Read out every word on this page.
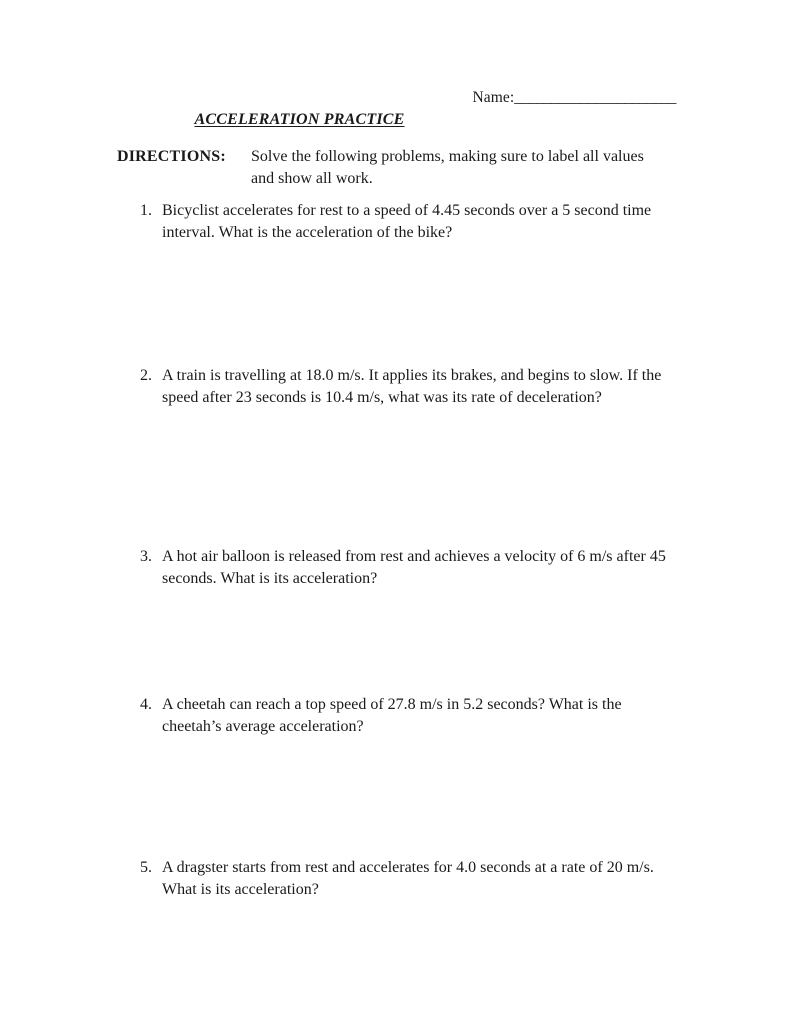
Name:______________________
ACCELERATION PRACTICE
DIRECTIONS: Solve the following problems, making sure to label all values and show all work.
1. Bicyclist accelerates for rest to a speed of 4.45 seconds over a 5 second time interval. What is the acceleration of the bike?
2. A train is travelling at 18.0 m/s. It applies its brakes, and begins to slow. If the speed after 23 seconds is 10.4 m/s, what was its rate of deceleration?
3. A hot air balloon is released from rest and achieves a velocity of 6 m/s after 45 seconds. What is its acceleration?
4. A cheetah can reach a top speed of 27.8 m/s in 5.2 seconds? What is the cheetah’s average acceleration?
5. A dragster starts from rest and accelerates for 4.0 seconds at a rate of 20 m/s. What is its acceleration?
